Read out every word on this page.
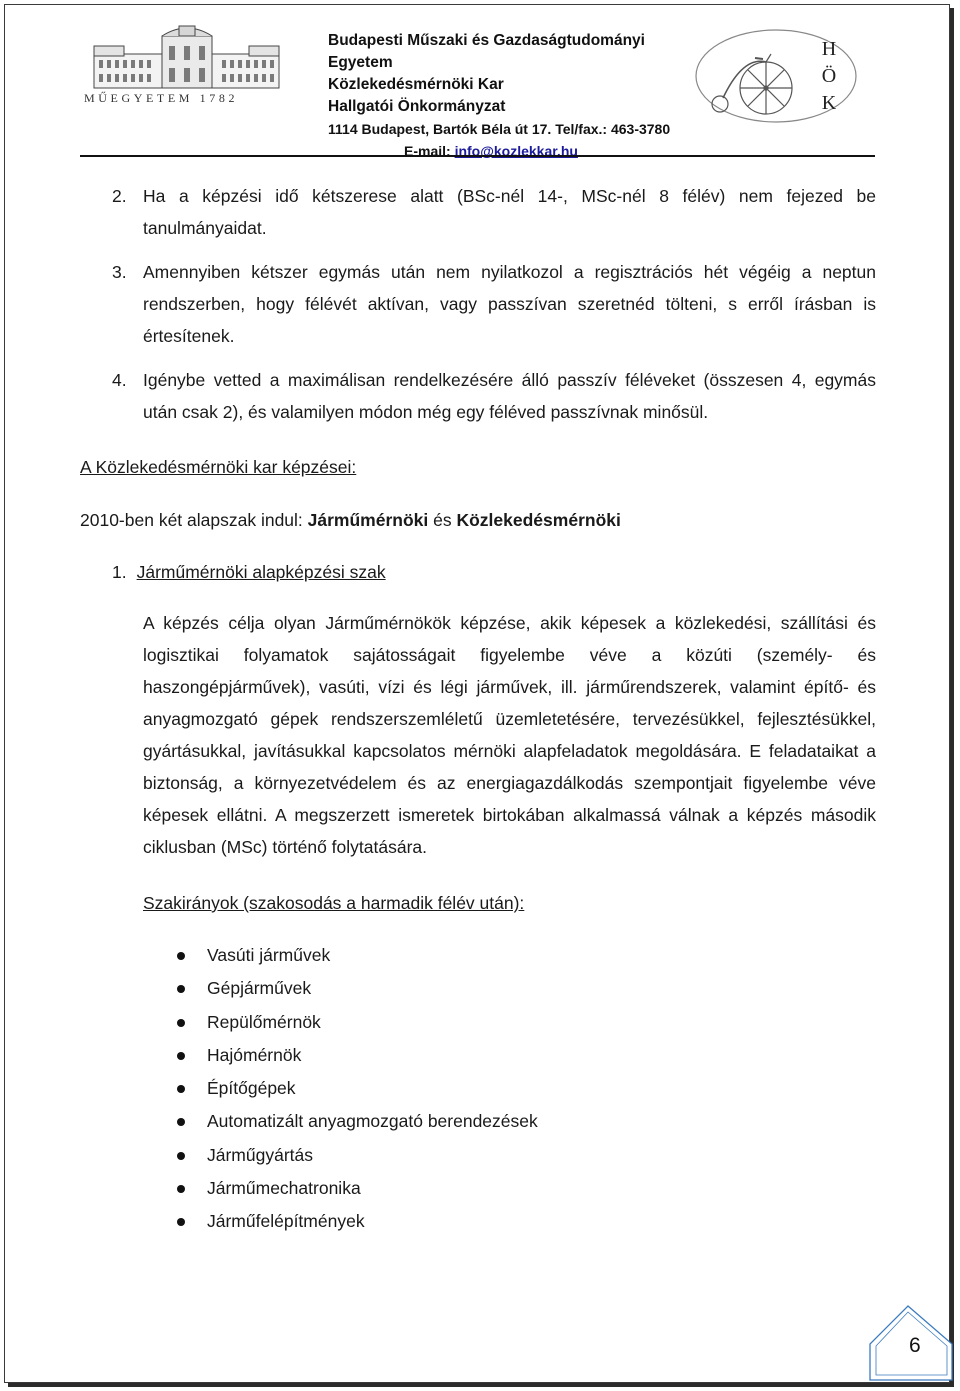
MŰEGYETEM 1782
Budapesti Műszaki és Gazdaságtudományi Egyetem
Közlekedésmérnöki Kar
Hallgatói Önkormányzat
1114 Budapest, Bartók Béla út 17. Tel/fax.: 463-3780
E-mail: info@kozlekkar.hu
H
Ö
K
2. Ha a képzési idő kétszerese alatt (BSc-nél 14-, MSc-nél 8 félév) nem fejezed be tanulmányaidat.
3. Amennyiben kétszer egymás után nem nyilatkozol a regisztrációs hét végéig a neptun rendszerben, hogy félévét aktívan, vagy passzívan szeretnéd tölteni, s erről írásban is értesítenek.
4. Igénybe vetted a maximálisan rendelkezésére álló passzív féléveket (összesen 4, egymás után csak 2), és valamilyen módon még egy féléved passzívnak minősül.

A Közlekedésmérnöki kar képzései:

2010-ben két alapszak indul: Járműmérnöki és Közlekedésmérnöki

1. Járműmérnöki alapképzési szak

A képzés célja olyan Járműmérnökök képzése, akik képesek a közlekedési, szállítási és logisztikai folyamatok sajátosságait figyelembe véve a közúti (személy- és haszongépjárművek), vasúti, vízi és légi járművek, ill. járműrendszerek, valamint építő- és anyagmozgató gépek rendszerszemléletű üzemletetésére, tervezésükkel, fejlesztésükkel, gyártásukkal, javításukkal kapcsolatos mérnöki alapfeladatok megoldására. E feladataikat a biztonság, a környezetvédelem és az energiagazdálkodás szempontjait figyelembe véve képesek ellátni. A megszerzett ismeretek birtokában alkalmassá válnak a képzés második ciklusban (MSc) történő folytatására.

Szakirányok (szakosodás a harmadik félév után):

Vasúti járművek
Gépjárművek
Repülőmérnök
Hajómérnök
Építőgépek
Automatizált anyagmozgató berendezések
Járműgyártás
Járműmechatronika
Járműfelépítmények
6
